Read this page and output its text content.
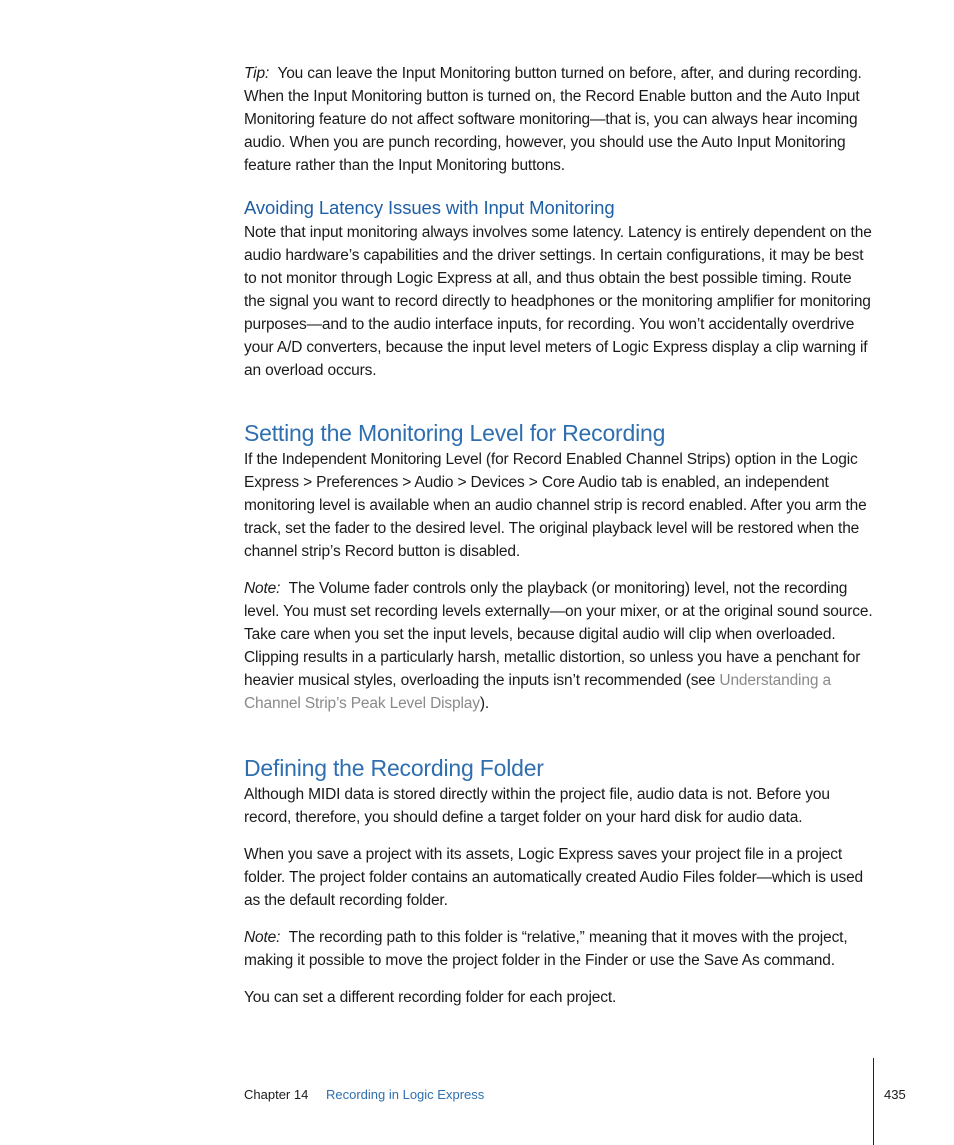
Tip: You can leave the Input Monitoring button turned on before, after, and during recording. When the Input Monitoring button is turned on, the Record Enable button and the Auto Input Monitoring feature do not affect software monitoring—that is, you can always hear incoming audio. When you are punch recording, however, you should use the Auto Input Monitoring feature rather than the Input Monitoring buttons.

Avoiding Latency Issues with Input Monitoring

Note that input monitoring always involves some latency. Latency is entirely dependent on the audio hardware’s capabilities and the driver settings. In certain configurations, it may be best to not monitor through Logic Express at all, and thus obtain the best possible timing. Route the signal you want to record directly to headphones or the monitoring amplifier for monitoring purposes—and to the audio interface inputs, for recording. You won’t accidentally overdrive your A/D converters, because the input level meters of Logic Express display a clip warning if an overload occurs.

Setting the Monitoring Level for Recording

If the Independent Monitoring Level (for Record Enabled Channel Strips) option in the Logic Express > Preferences > Audio > Devices > Core Audio tab is enabled, an independent monitoring level is available when an audio channel strip is record enabled. After you arm the track, set the fader to the desired level. The original playback level will be restored when the channel strip’s Record button is disabled.

Note: The Volume fader controls only the playback (or monitoring) level, not the recording level. You must set recording levels externally—on your mixer, or at the original sound source. Take care when you set the input levels, because digital audio will clip when overloaded. Clipping results in a particularly harsh, metallic distortion, so unless you have a penchant for heavier musical styles, overloading the inputs isn’t recommended (see Understanding a Channel Strip’s Peak Level Display).

Defining the Recording Folder

Although MIDI data is stored directly within the project file, audio data is not. Before you record, therefore, you should define a target folder on your hard disk for audio data.

When you save a project with its assets, Logic Express saves your project file in a project folder. The project folder contains an automatically created Audio Files folder—which is used as the default recording folder.

Note: The recording path to this folder is “relative,” meaning that it moves with the project, making it possible to move the project folder in the Finder or use the Save As command.

You can set a different recording folder for each project.

Chapter 14 Recording in Logic Express	435
